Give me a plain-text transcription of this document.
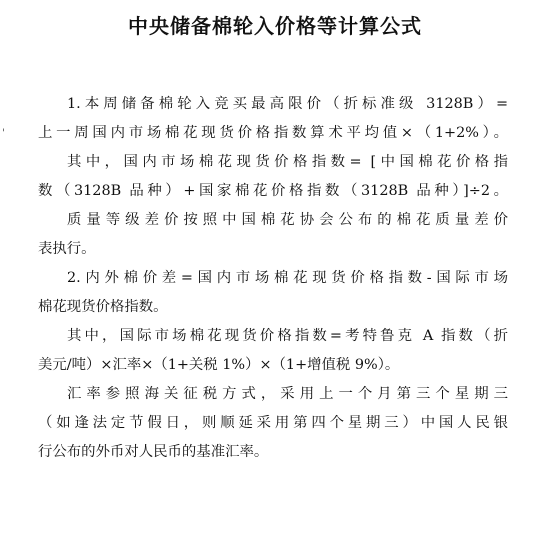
中央储备棉轮入价格等计算公式
'
1.本周储备棉轮入竞买最高限价（折标准级 3128B）=
上一周国内市场棉花现货价格指数算术平均值×（1+2%）。
其中，国内市场棉花现货价格指数= [中国棉花价格指
数（3128B 品种）+国家棉花价格指数（3128B 品种）]÷2。
质量等级差价按照中国棉花协会公布的棉花质量差价
表执行。
2.内外棉价差=国内市场棉花现货价格指数-国际市场
棉花现货价格指数。
其中，国际市场棉花现货价格指数=考特鲁克 A 指数（折
美元/吨）×汇率×（1+关税 1%）×（1+增值税 9%）。
汇率参照海关征税方式，采用上一个月第三个星期三
（如逢法定节假日，则顺延采用第四个星期三）中国人民银
行公布的外币对人民币的基准汇率。
